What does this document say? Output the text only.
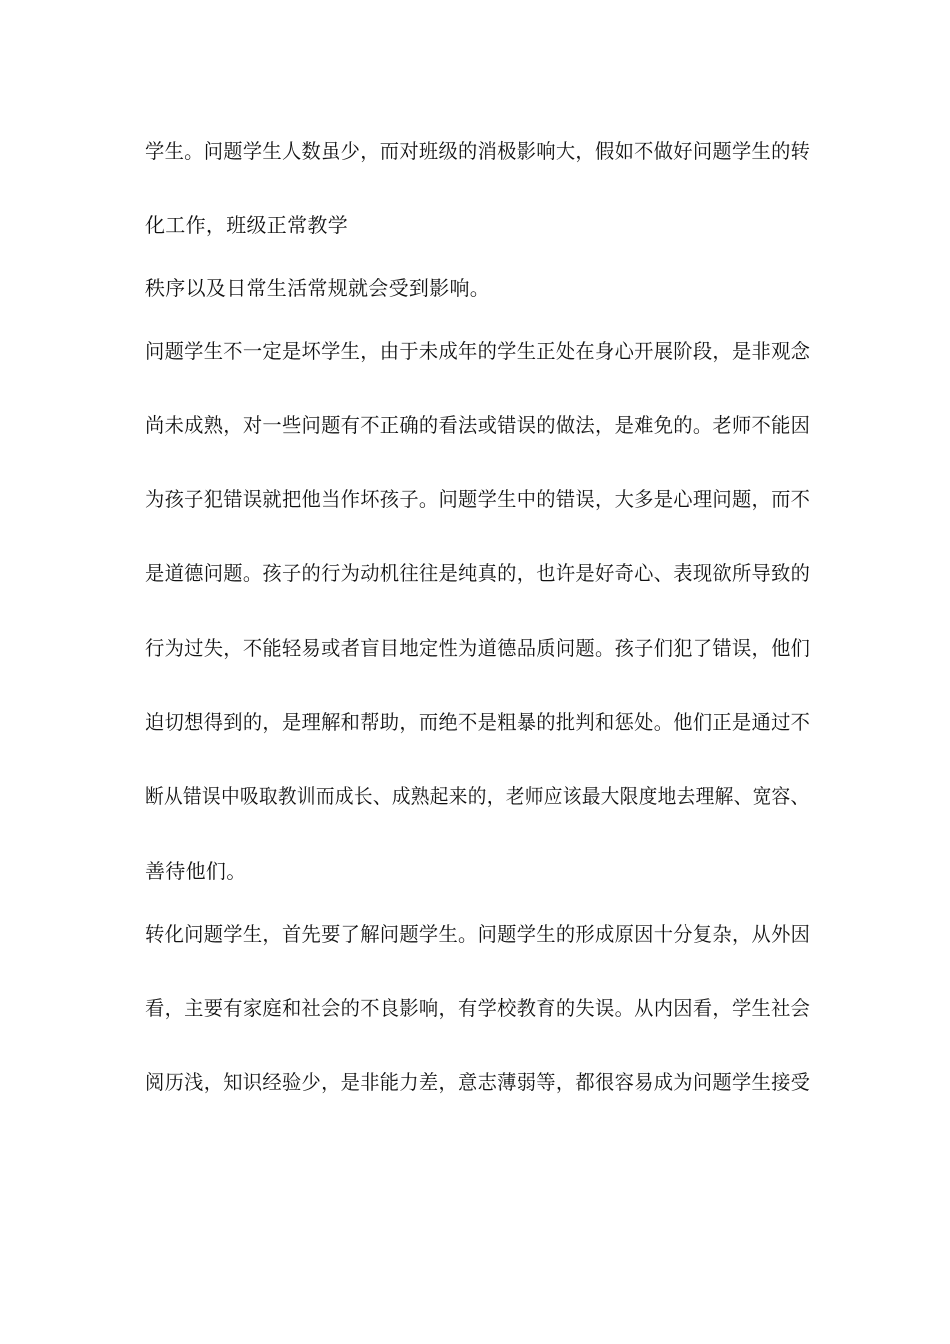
学生。问题学生人数虽少，而对班级的消极影响大，假如不做好问题学生的转

化工作，班级正常教学

秩序以及日常生活常规就会受到影响。

问题学生不一定是坏学生，由于未成年的学生正处在身心开展阶段，是非观念

尚未成熟，对一些问题有不正确的看法或错误的做法，是难免的。老师不能因

为孩子犯错误就把他当作坏孩子。问题学生中的错误，大多是心理问题，而不

是道德问题。孩子的行为动机往往是纯真的，也许是好奇心、表现欲所导致的

行为过失，不能轻易或者盲目地定性为道德品质问题。孩子们犯了错误，他们

迫切想得到的，是理解和帮助，而绝不是粗暴的批判和惩处。他们正是通过不

断从错误中吸取教训而成长、成熟起来的，老师应该最大限度地去理解、宽容、

善待他们。

转化问题学生，首先要了解问题学生。问题学生的形成原因十分复杂，从外因

看，主要有家庭和社会的不良影响，有学校教育的失误。从内因看，学生社会

阅历浅，知识经验少，是非能力差，意志薄弱等，都很容易成为问题学生接受
